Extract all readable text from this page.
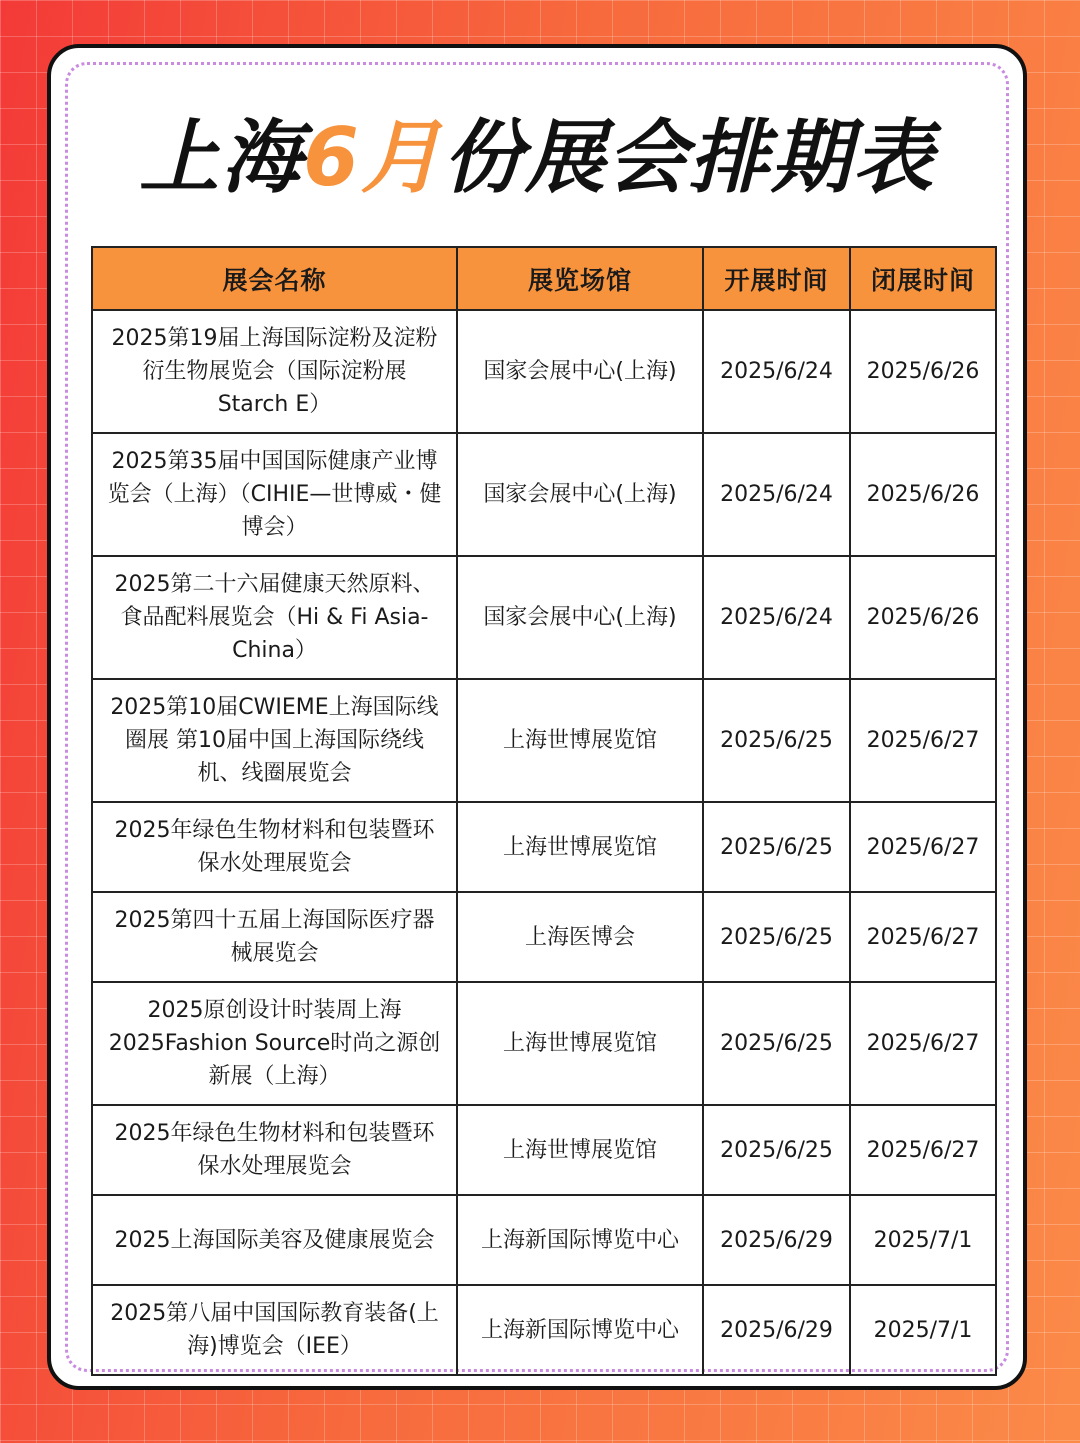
上海6月份展会排期表
展会名称	展览场馆	开展时间	闭展时间
2025第19届上海国际淀粉及淀粉衍生物展览会（国际淀粉展 Starch E）	国家会展中心(上海)	2025/6/24	2025/6/26
2025第35届中国国际健康产业博览会（上海）（CIHIE—世博威・健博会）	国家会展中心(上海)	2025/6/24	2025/6/26
2025第二十六届健康天然原料、食品配料展览会（Hi & Fi Asia-China）	国家会展中心(上海)	2025/6/24	2025/6/26
2025第10届CWIEME上海国际线圈展 第10届中国上海国际绕线机、线圈展览会	上海世博展览馆	2025/6/25	2025/6/27
2025年绿色生物材料和包装暨环保水处理展览会	上海世博展览馆	2025/6/25	2025/6/27
2025第四十五届上海国际医疗器械展览会	上海医博会	2025/6/25	2025/6/27
2025原创设计时装周上海2025Fashion Source时尚之源创新展（上海）	上海世博展览馆	2025/6/25	2025/6/27
2025年绿色生物材料和包装暨环保水处理展览会	上海世博展览馆	2025/6/25	2025/6/27
2025上海国际美容及健康展览会	上海新国际博览中心	2025/6/29	2025/7/1
2025第八届中国国际教育装备(上海)博览会（IEE）	上海新国际博览中心	2025/6/29	2025/7/1
